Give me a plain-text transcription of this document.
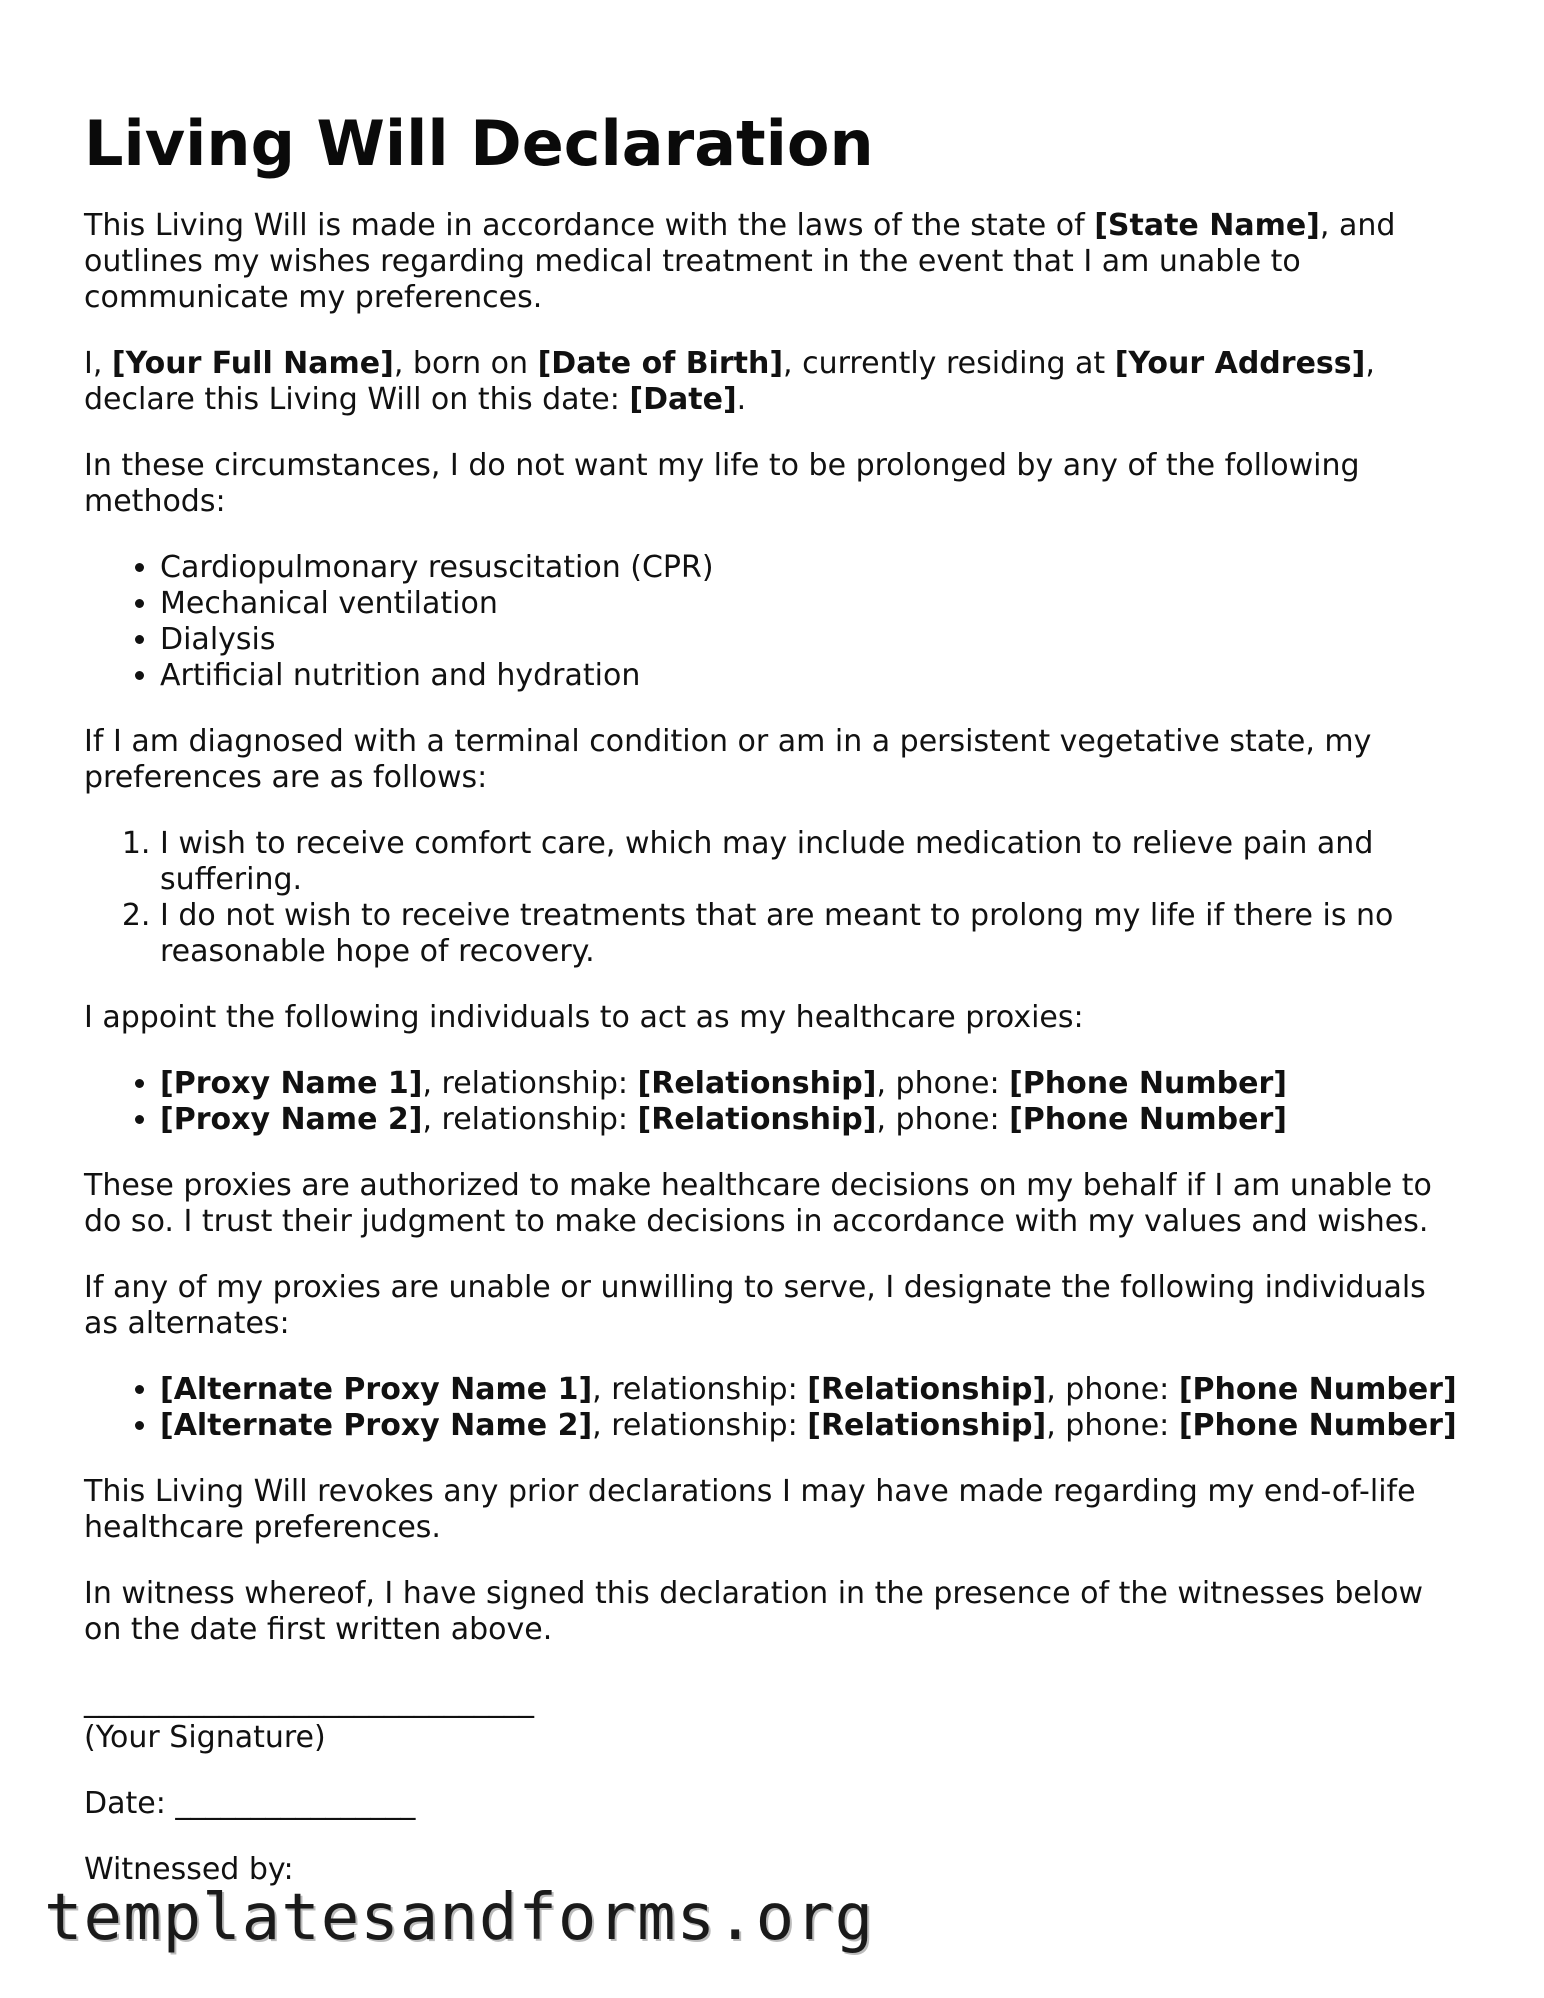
Living Will Declaration

This Living Will is made in accordance with the laws of the state of [State Name], and outlines my wishes regarding medical treatment in the event that I am unable to communicate my preferences.

I, [Your Full Name], born on [Date of Birth], currently residing at [Your Address], declare this Living Will on this date: [Date].

In these circumstances, I do not want my life to be prolonged by any of the following methods:

• Cardiopulmonary resuscitation (CPR)
• Mechanical ventilation
• Dialysis
• Artificial nutrition and hydration

If I am diagnosed with a terminal condition or am in a persistent vegetative state, my preferences are as follows:

1. I wish to receive comfort care, which may include medication to relieve pain and suffering.
2. I do not wish to receive treatments that are meant to prolong my life if there is no reasonable hope of recovery.

I appoint the following individuals to act as my healthcare proxies:

• [Proxy Name 1], relationship: [Relationship], phone: [Phone Number]
• [Proxy Name 2], relationship: [Relationship], phone: [Phone Number]

These proxies are authorized to make healthcare decisions on my behalf if I am unable to do so. I trust their judgment to make decisions in accordance with my values and wishes.

If any of my proxies are unable or unwilling to serve, I designate the following individuals as alternates:

• [Alternate Proxy Name 1], relationship: [Relationship], phone: [Phone Number]
• [Alternate Proxy Name 2], relationship: [Relationship], phone: [Phone Number]

This Living Will revokes any prior declarations I may have made regarding my end-of-life healthcare preferences.

In witness whereof, I have signed this declaration in the presence of the witnesses below on the date first written above.

______________________________
(Your Signature)

Date: ________________

Witnessed by:
templatesandforms.org
